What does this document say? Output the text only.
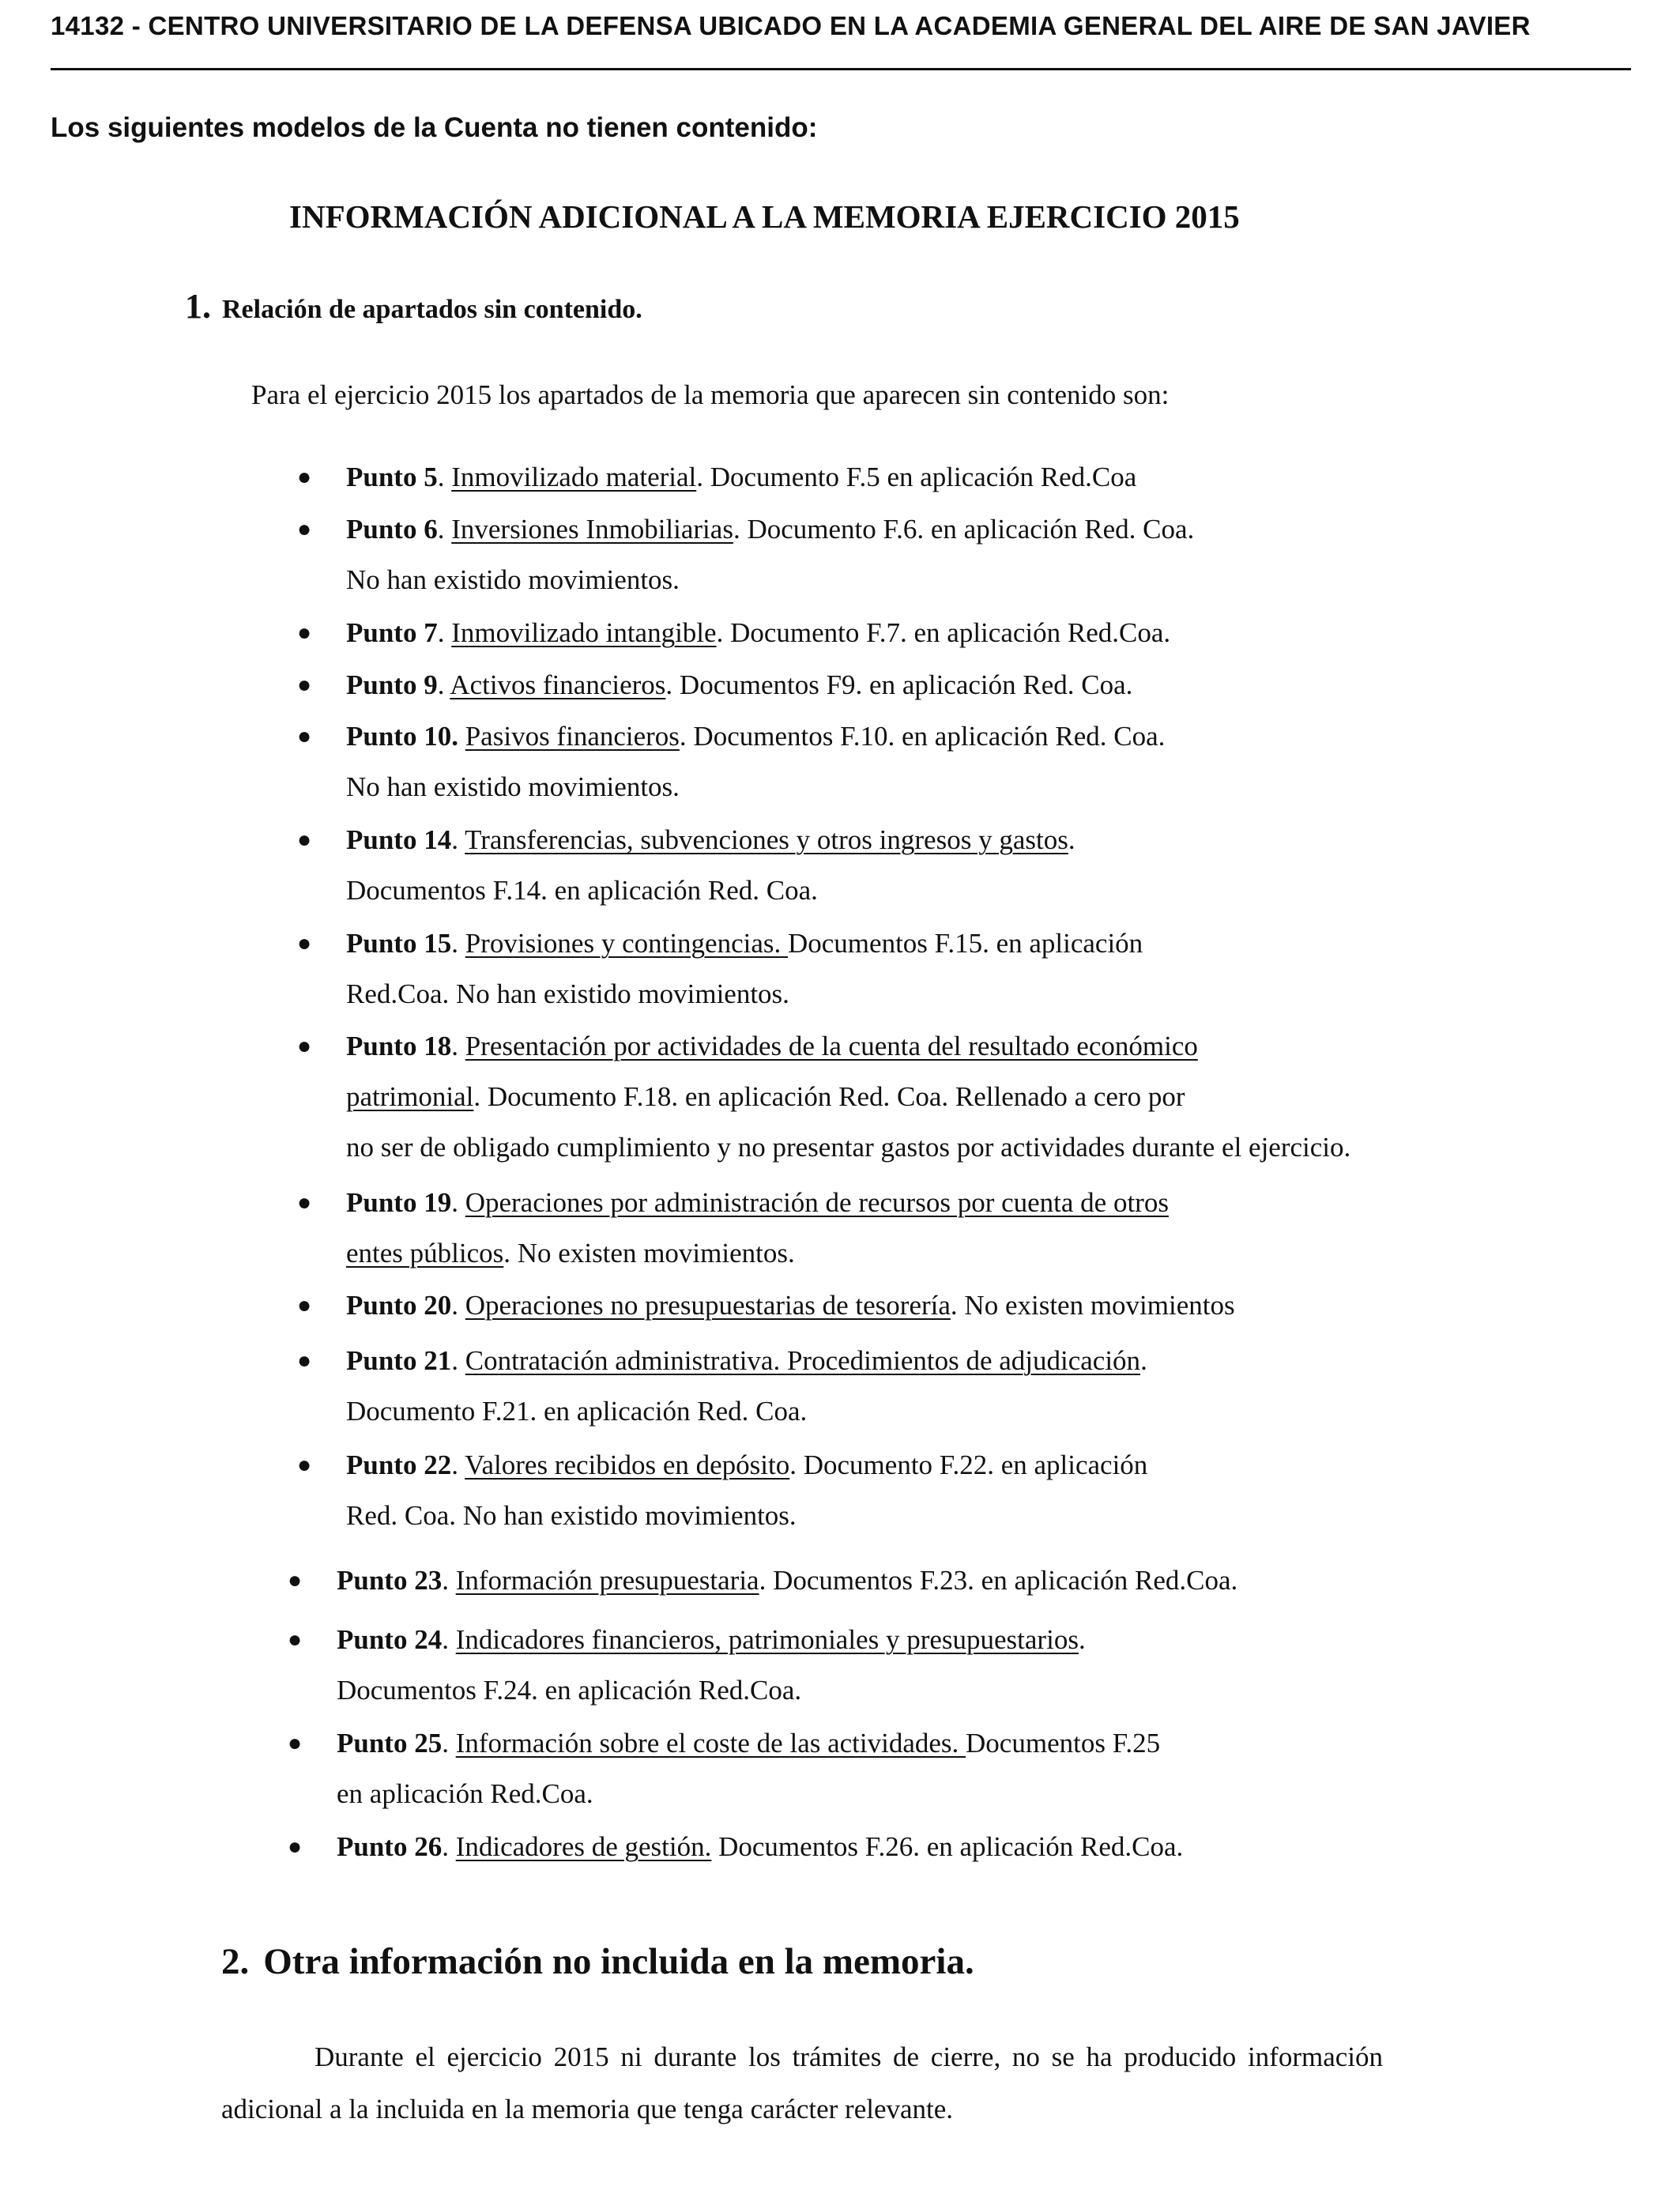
14132 - CENTRO UNIVERSITARIO DE LA DEFENSA UBICADO EN LA ACADEMIA GENERAL DEL AIRE DE SAN JAVIER
Los siguientes modelos de la Cuenta no tienen contenido:
INFORMACIÓN ADICIONAL A LA MEMORIA EJERCICIO 2015
1. Relación de apartados sin contenido.
Para el ejercicio 2015 los apartados de la memoria que aparecen sin contenido son:
● Punto 5. Inmovilizado material. Documento F.5 en aplicación Red.Coa
● Punto 6. Inversiones Inmobiliarias. Documento F.6. en aplicación Red. Coa.
No han existido movimientos.
● Punto 7. Inmovilizado intangible. Documento F.7. en aplicación Red.Coa.
● Punto 9. Activos financieros. Documentos F9. en aplicación Red. Coa.
● Punto 10. Pasivos financieros. Documentos F.10. en aplicación Red. Coa.
No han existido movimientos.
● Punto 14. Transferencias, subvenciones y otros ingresos y gastos.
Documentos F.14. en aplicación Red. Coa.
● Punto 15. Provisiones y contingencias. Documentos F.15. en aplicación
Red.Coa. No han existido movimientos.
● Punto 18. Presentación por actividades de la cuenta del resultado económico
patrimonial. Documento F.18. en aplicación Red. Coa. Rellenado a cero por
no ser de obligado cumplimiento y no presentar gastos por actividades durante el ejercicio.
● Punto 19. Operaciones por administración de recursos por cuenta de otros
entes públicos. No existen movimientos.
● Punto 20. Operaciones no presupuestarias de tesorería. No existen movimientos
● Punto 21. Contratación administrativa. Procedimientos de adjudicación.
Documento F.21. en aplicación Red. Coa.
● Punto 22. Valores recibidos en depósito. Documento F.22. en aplicación
Red. Coa. No han existido movimientos.
● Punto 23. Información presupuestaria. Documentos F.23. en aplicación Red.Coa.
● Punto 24. Indicadores financieros, patrimoniales y presupuestarios.
Documentos F.24. en aplicación Red.Coa.
● Punto 25. Información sobre el coste de las actividades. Documentos F.25
en aplicación Red.Coa.
● Punto 26. Indicadores de gestión. Documentos F.26. en aplicación Red.Coa.
2. Otra información no incluida en la memoria.
Durante el ejercicio 2015 ni durante los trámites de cierre, no se ha producido información adicional a la incluida en la memoria que tenga carácter relevante.
